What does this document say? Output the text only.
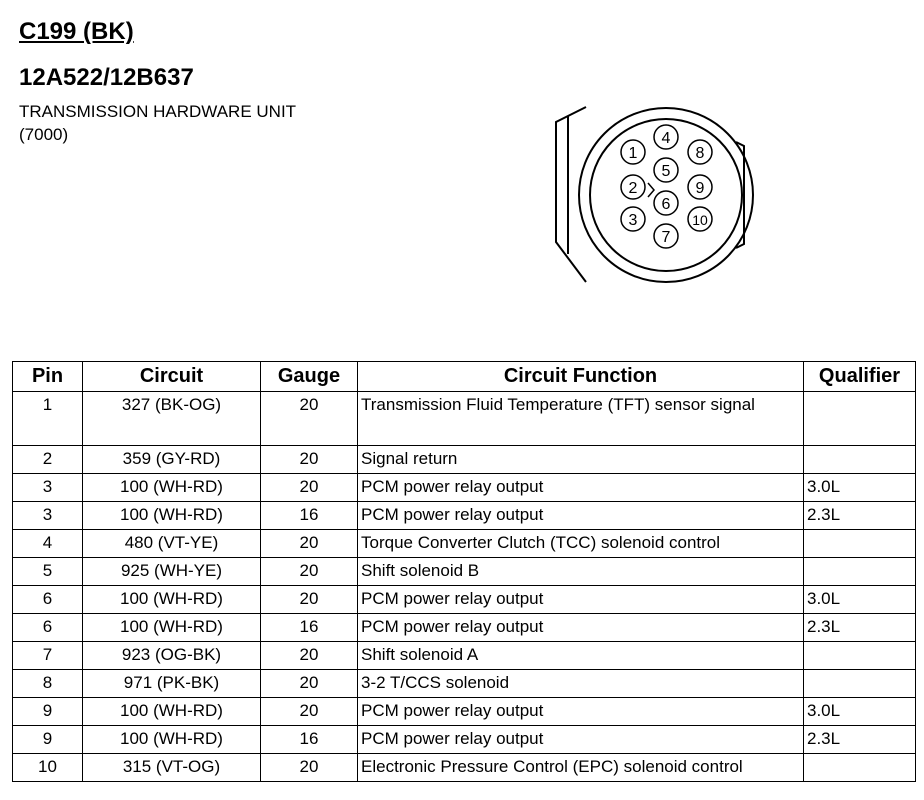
C199 (BK)
12A522/12B637
TRANSMISSION HARDWARE UNIT
(7000)
1
2
3
4
5
6
7
8
9
10
Pin	Circuit	Gauge	Circuit Function	Qualifier
1	327 (BK-OG)	20	Transmission Fluid Temperature (TFT) sensor signal	
2	359 (GY-RD)	20	Signal return	
3	100 (WH-RD)	20	PCM power relay output	3.0L
3	100 (WH-RD)	16	PCM power relay output	2.3L
4	480 (VT-YE)	20	Torque Converter Clutch (TCC) solenoid control	
5	925 (WH-YE)	20	Shift solenoid B	
6	100 (WH-RD)	20	PCM power relay output	3.0L
6	100 (WH-RD)	16	PCM power relay output	2.3L
7	923 (OG-BK)	20	Shift solenoid A	
8	971 (PK-BK)	20	3-2 T/CCS solenoid	
9	100 (WH-RD)	20	PCM power relay output	3.0L
9	100 (WH-RD)	16	PCM power relay output	2.3L
10	315 (VT-OG)	20	Electronic Pressure Control (EPC) solenoid control	
